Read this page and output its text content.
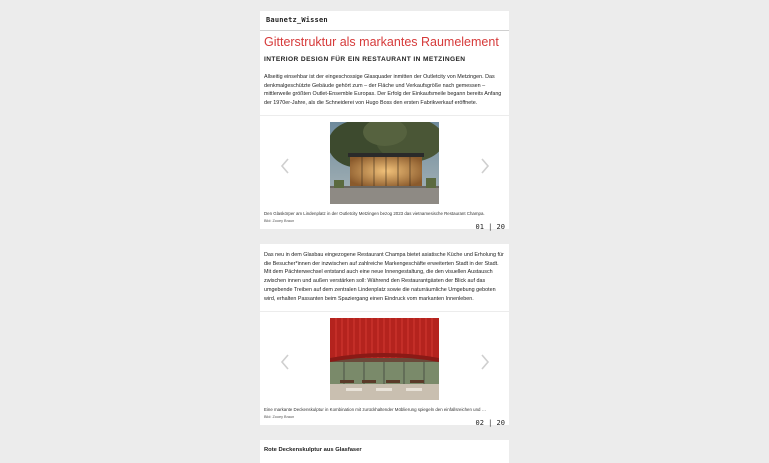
Baunetz_Wissen
Gitterstruktur als markantes Raumelement
INTERIOR DESIGN FÜR EIN RESTAURANT IN METZINGEN
Allseitig einsehbar ist der eingeschossige Glasquader inmitten der Outletcity von Metzingen. Das denkmalgeschützte Gebäude gehört zum – der Fläche und Verkaufsgröße nach gemessen – mittlerweile größten Outlet-Ensemble Europas. Der Erfolg der Einkaufsmeile begann bereits Anfang der 1970er-Jahre, als die Schneiderei von Hugo Boss den ersten Fabrikverkauf eröffnete.
Den Glaskörper am Lindenplatz in der Outletcity Metzingen bezog 2023 das vietnamesische Restaurant Champa.
Bild: Zooey Braun
01 | 20
Das neu in dem Glasbau eingezogene Restaurant Champa bietet asiatische Küche und Erholung für die Besucher*innen der inzwischen auf zahlreiche Markengeschäfte erweiterten Stadt in der Stadt. Mit dem Pächterwechsel entstand auch eine neue Innengestaltung, die den visuellen Austausch zwischen innen und außen verstärken soll: Während den Restaurantgästen der Blick auf das umgebende Treiben auf dem zentralen Lindenplatz sowie die naturräumliche Umgebung geboten wird, erhalten Passanten beim Spaziergang einen Eindruck vom markanten Innenleben.
Eine markante Deckenskulptur in Kombination mit zurückhaltender Möblierung spiegeln den einfallsreichen und …
Bild: Zooey Braun
02 | 20
Rote Deckenskulptur aus Glasfaser
